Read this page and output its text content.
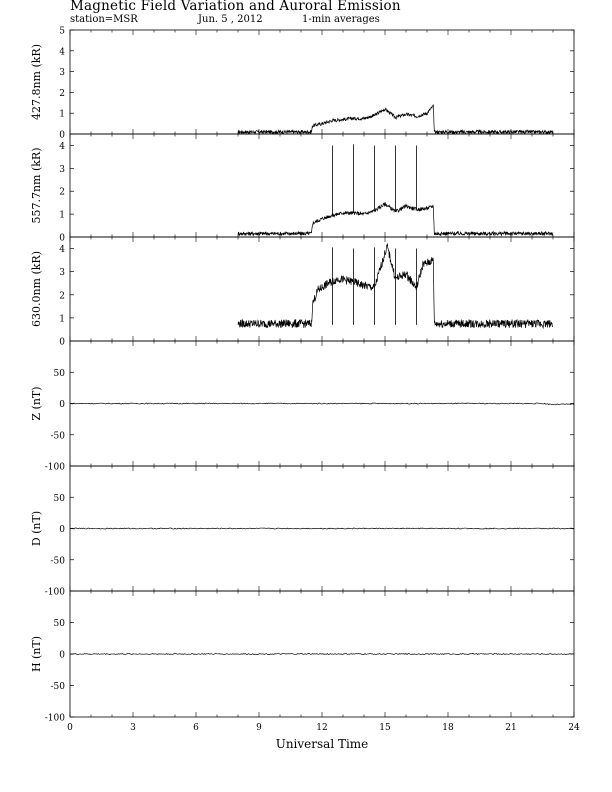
Magnetic Field Variation and Auroral Emission
station=MSR	Jun. 5 , 2012	1-min averages
0
1
2
3
4
5
427.8nm (kR)
0
1
2
3
4
557.7nm (kR)
0
1
2
3
4
630.0nm (kR)
-100
-50
0
50
Z (nT)
-100
-50
0
50
D (nT)
-100
-50
0
50
H (nT)
0	3	6	9	12	15	18	21	24
Universal Time
